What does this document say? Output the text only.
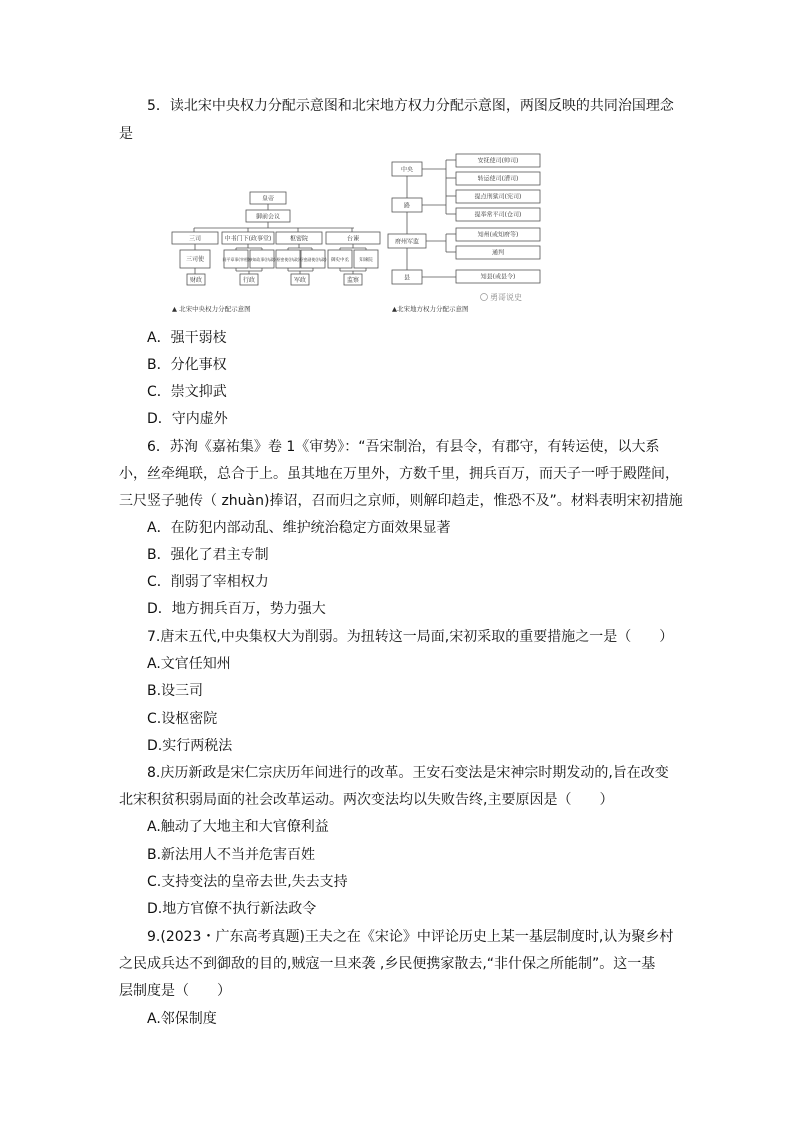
5．读北宋中央权力分配示意图和北宋地方权力分配示意图，两图反映的共同治国理念
是
皇帝
御前会议
三司	中书门下(政事堂)	枢密院	台谏
三司使	同平章事(宰相)
参知政事(执政) 枢密使(执政) 枢密副使(执政) 御史中丞 知谏院
财政	行政	军政	监察
▲ 北宋中央权力分配示意图
中央
路
府州军监
县
安抚使司(帅司)
转运使司(漕司)
提点刑狱司(宪司)
提举常平司(仓司)
知州(或知府等)
通判
知县(或县令)
勇哥说史
▲北宋地方权力分配示意图
A．强干弱枝
B．分化事权
C．崇文抑武
D．守内虚外
6．苏洵《嘉祐集》卷 1《审势》：“吾宋制治，有县令，有郡守，有转运使，以大系
小，丝牵绳联，总合于上。虽其地在万里外，方数千里，拥兵百万，而天子一呼于殿陛间，
三尺竖子驰传（ zhuàn)捧诏，召而归之京师，则解印趋走，惟恐不及”。材料表明宋初措施
A．在防犯内部动乱、维护统治稳定方面效果显著
B．强化了君主专制
C．削弱了宰相权力
D．地方拥兵百万，势力强大
7.唐末五代,中央集权大为削弱。为扭转这一局面,宋初采取的重要措施之一是（　　）
A.文官任知州
B.设三司
C.设枢密院
D.实行两税法
8.庆历新政是宋仁宗庆历年间进行的改革。王安石变法是宋神宗时期发动的,旨在改变
北宋积贫积弱局面的社会改革运动。两次变法均以失败告终,主要原因是（　　）
A.触动了大地主和大官僚利益
B.新法用人不当并危害百姓
C.支持变法的皇帝去世,失去支持
D.地方官僚不执行新法政令
9.(2023・广东高考真题)王夫之在《宋论》中评论历史上某一基层制度时,认为聚乡村
之民成兵达不到御敌的目的,贼寇一旦来袭 ,乡民便携家散去,“非什保之所能制”。这一基
层制度是（　　）
A.邻保制度
